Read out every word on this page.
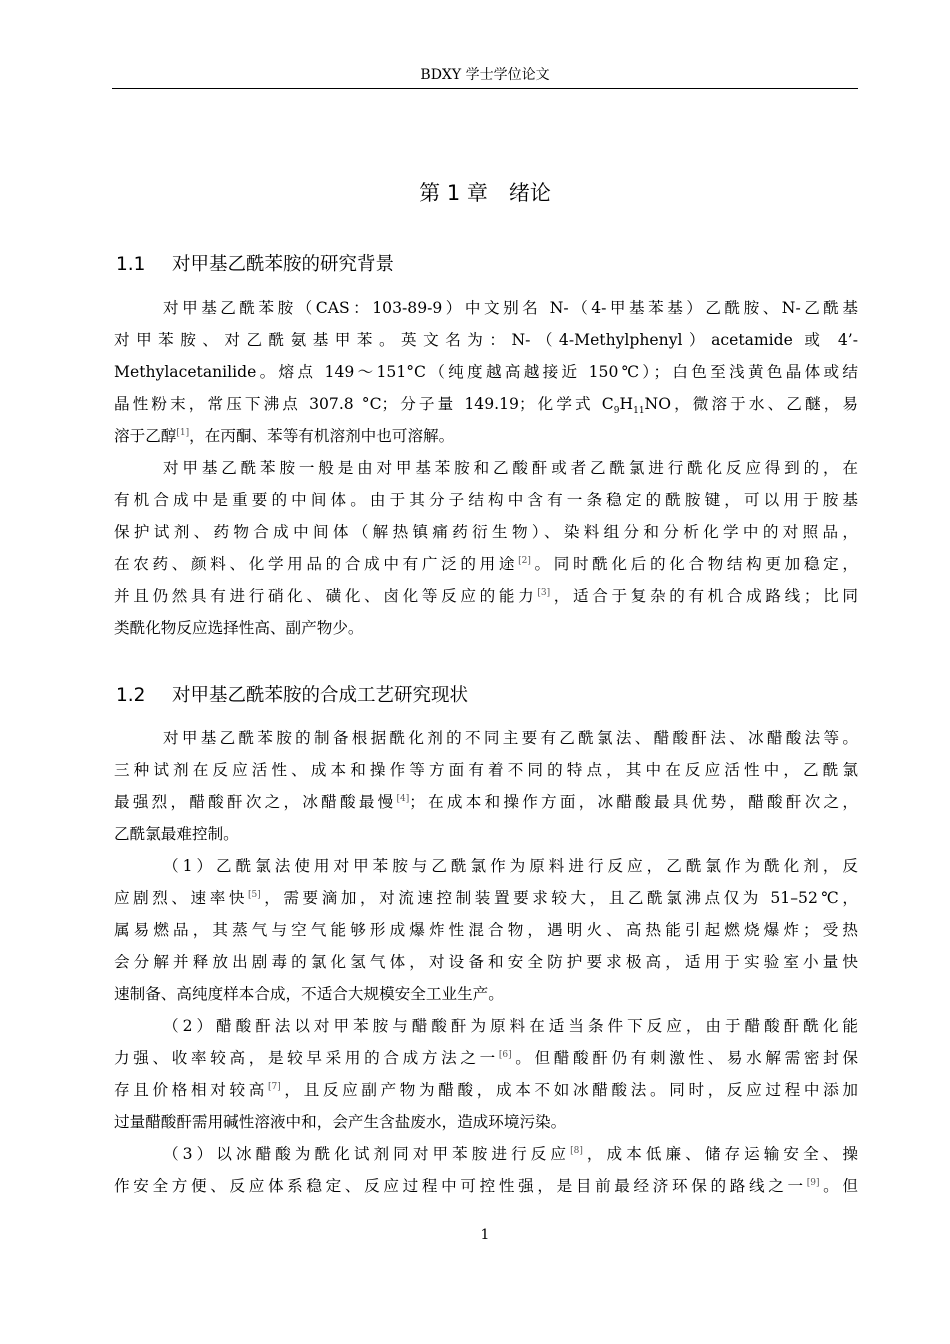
BDXY 学士学位论文
第 1 章　绪论
1.1 对甲基乙酰苯胺的研究背景
对甲基乙酰苯胺（CAS：103-89-9）中文别名 N-（4-甲基苯基）乙酰胺、N-乙酰基
对甲苯胺、对乙酰氨基甲苯。英文名为：N-（4-Methylphenyl）acetamide 或 4’-
Methylacetanilide。熔点 149～151°C（纯度越高越接近 150℃）；白色至浅黄色晶体或结
晶性粉末，常压下沸点 307.8 °C；分子量 149.19；化学式 $C_9H_{11}NO$，微溶于水、乙醚，易
溶于乙醇[1]，在丙酮、苯等有机溶剂中也可溶解。
对甲基乙酰苯胺一般是由对甲基苯胺和乙酸酐或者乙酰氯进行酰化反应得到的，在
有机合成中是重要的中间体。由于其分子结构中含有一条稳定的酰胺键，可以用于胺基
保护试剂、药物合成中间体（解热镇痛药衍生物）、染料组分和分析化学中的对照品，
在农药、颜料、化学用品的合成中有广泛的用途[2]。同时酰化后的化合物结构更加稳定，
并且仍然具有进行硝化、磺化、卤化等反应的能力[3]，适合于复杂的有机合成路线；比同
类酰化物反应选择性高、副产物少。
1.2 对甲基乙酰苯胺的合成工艺研究现状
对甲基乙酰苯胺的制备根据酰化剂的不同主要有乙酰氯法、醋酸酐法、冰醋酸法等。
三种试剂在反应活性、成本和操作等方面有着不同的特点，其中在反应活性中，乙酰氯
最强烈，醋酸酐次之，冰醋酸最慢[4]；在成本和操作方面，冰醋酸最具优势，醋酸酐次之，
乙酰氯最难控制。
（1）乙酰氯法使用对甲苯胺与乙酰氯作为原料进行反应，乙酰氯作为酰化剂，反
应剧烈、速率快[5]，需要滴加，对流速控制装置要求较大，且乙酰氯沸点仅为 51–52℃，
属易燃品，其蒸气与空气能够形成爆炸性混合物，遇明火、高热能引起燃烧爆炸；受热
会分解并释放出剧毒的氯化氢气体，对设备和安全防护要求极高，适用于实验室小量快
速制备、高纯度样本合成，不适合大规模安全工业生产。
（2）醋酸酐法以对甲苯胺与醋酸酐为原料在适当条件下反应，由于醋酸酐酰化能
力强、收率较高，是较早采用的合成方法之一[6]。但醋酸酐仍有刺激性、易水解需密封保
存且价格相对较高[7]，且反应副产物为醋酸，成本不如冰醋酸法。同时，反应过程中添加
过量醋酸酐需用碱性溶液中和，会产生含盐废水，造成环境污染。
（3）以冰醋酸为酰化试剂同对甲苯胺进行反应[8]，成本低廉、储存运输安全、操
作安全方便、反应体系稳定、反应过程中可控性强，是目前最经济环保的路线之一[9]。但
1
